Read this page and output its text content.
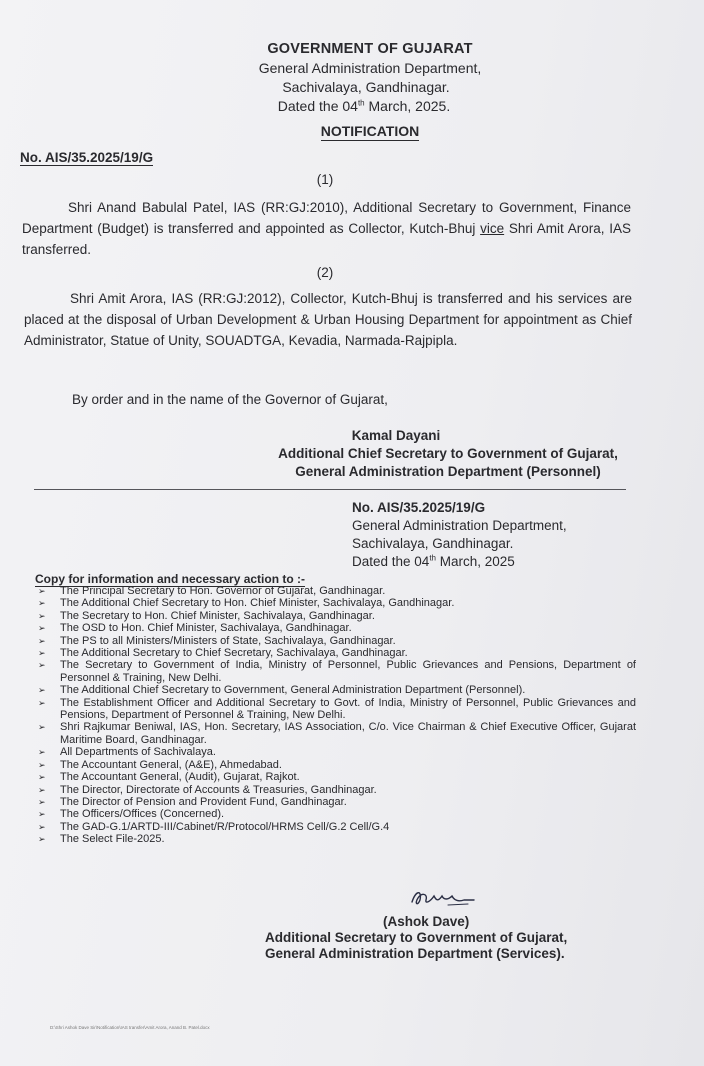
GOVERNMENT OF GUJARAT
General Administration Department,
Sachivalaya, Gandhinagar.
Dated the 04th March, 2025.
NOTIFICATION
No. AIS/35.2025/19/G
(1)
Shri Anand Babulal Patel, IAS (RR:GJ:2010), Additional Secretary to Government, Finance Department (Budget) is transferred and appointed as Collector, Kutch-Bhuj vice Shri Amit Arora, IAS transferred.
(2)
Shri Amit Arora, IAS (RR:GJ:2012), Collector, Kutch-Bhuj is transferred and his services are placed at the disposal of Urban Development & Urban Housing Department for appointment as Chief Administrator, Statue of Unity, SOUADTGA, Kevadia, Narmada-Rajpipla.
By order and in the name of the Governor of Gujarat,
Kamal Dayani
Additional Chief Secretary to Government of Gujarat,
General Administration Department (Personnel)
No. AIS/35.2025/19/G
General Administration Department,
Sachivalaya, Gandhinagar.
Dated the 04th March, 2025
Copy for information and necessary action to :-
➢ The Principal Secretary to Hon. Governor of Gujarat, Gandhinagar.
➢ The Additional Chief Secretary to Hon. Chief Minister, Sachivalaya, Gandhinagar.
➢ The Secretary to Hon. Chief Minister, Sachivalaya, Gandhinagar.
➢ The OSD to Hon. Chief Minister, Sachivalaya, Gandhinagar.
➢ The PS to all Ministers/Ministers of State, Sachivalaya, Gandhinagar.
➢ The Additional Secretary to Chief Secretary, Sachivalaya, Gandhinagar.
➢ The Secretary to Government of India, Ministry of Personnel, Public Grievances and Pensions, Department of Personnel & Training, New Delhi.
➢ The Additional Chief Secretary to Government, General Administration Department (Personnel).
➢ The Establishment Officer and Additional Secretary to Govt. of India, Ministry of Personnel, Public Grievances and Pensions, Department of Personnel & Training, New Delhi.
➢ Shri Rajkumar Beniwal, IAS, Hon. Secretary, IAS Association, C/o. Vice Chairman & Chief Executive Officer, Gujarat Maritime Board, Gandhinagar.
➢ All Departments of Sachivalaya.
➢ The Accountant General, (A&E), Ahmedabad.
➢ The Accountant General, (Audit), Gujarat, Rajkot.
➢ The Director, Directorate of Accounts & Treasuries, Gandhinagar.
➢ The Director of Pension and Provident Fund, Gandhinagar.
➢ The Officers/Offices (Concerned).
➢ The GAD-G.1/ARTD-III/Cabinet/R/Protocol/HRMS Cell/G.2 Cell/G.4
➢ The Select File-2025.
(Ashok Dave)
Additional Secretary to Government of Gujarat,
General Administration Department (Services).
D:\Shri Ashok Dave Sir\Notification\IAS transfer\Amit Arora, Anand B. Patel.docx
